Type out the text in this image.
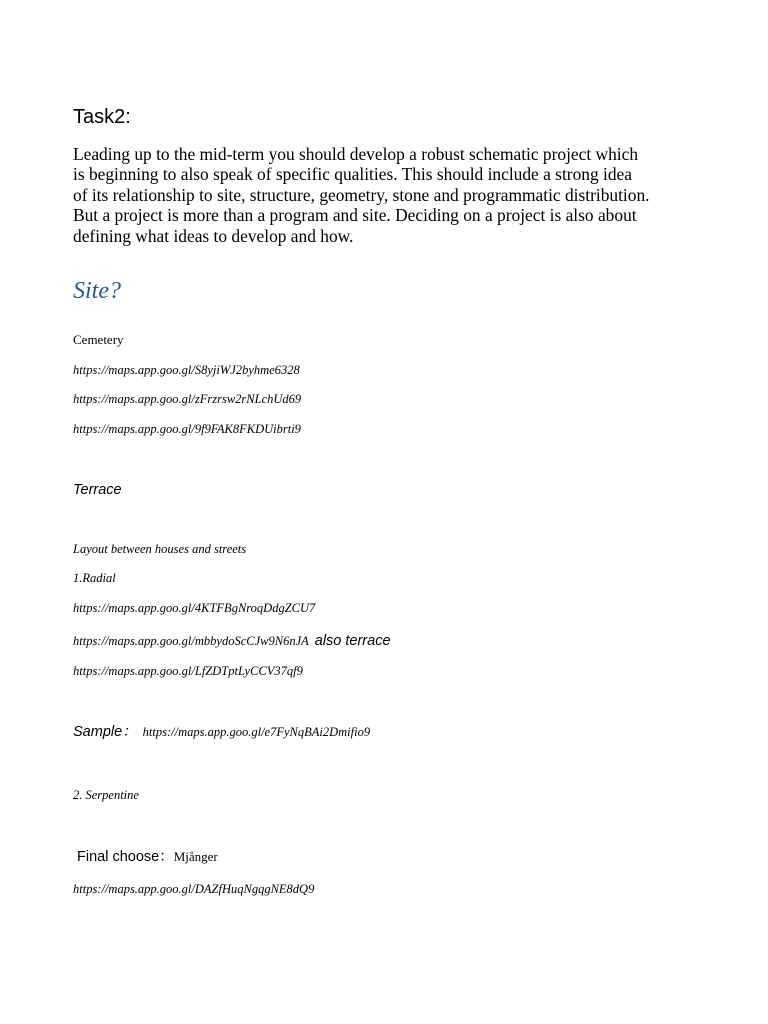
Task2:
Leading up to the mid-term you should develop a robust schematic project which
is beginning to also speak of specific qualities. This should include a strong idea
of its relationship to site, structure, geometry, stone and programmatic distribution.
But a project is more than a program and site. Deciding on a project is also about
defining what ideas to develop and how.
Site?
Cemetery
https://maps.app.goo.gl/S8yjiWJ2byhme6328
https://maps.app.goo.gl/zFrzrsw2rNLchUd69
https://maps.app.goo.gl/9f9FAK8FKDUibrti9
Terrace
Layout between houses and streets
1.Radial
https://maps.app.goo.gl/4KTFBgNroqDdgZCU7
https://maps.app.goo.gl/mbbydoScCJw9N6nJA also terrace
https://maps.app.goo.gl/LfZDTptLyCCV37qf9
Sample： https://maps.app.goo.gl/e7FyNqBAi2Dmifio9
2. Serpentine
Final choose：Mjånger
https://maps.app.goo.gl/DAZfHuqNgqgNE8dQ9
